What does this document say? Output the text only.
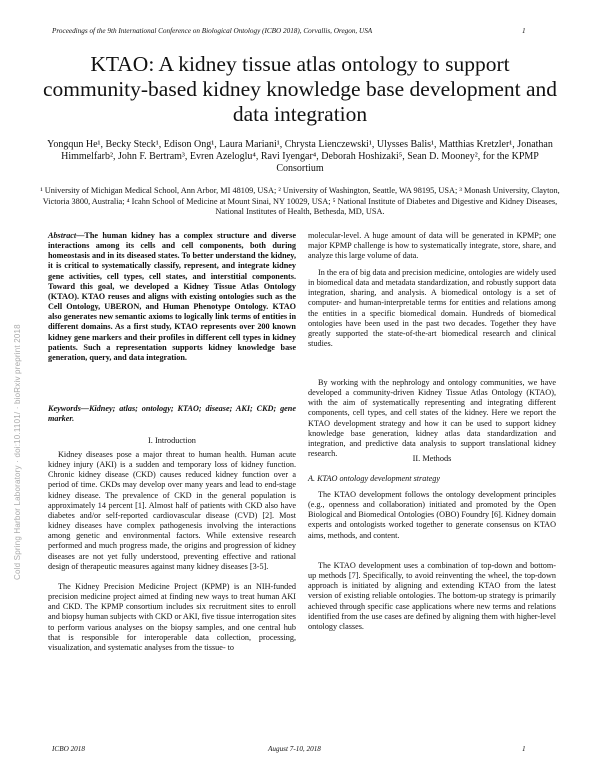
Proceedings of the 9th International Conference on Biological Ontology (ICBO 2018), Corvallis, Oregon, USA	1
KTAO: A kidney tissue atlas ontology to support community-based kidney knowledge base development and data integration
Yongqun He¹, Becky Steck¹, Edison Ong¹, Laura Mariani¹, Chrysta Lienczewski¹, Ulysses Balis¹, Matthias Kretzler¹, Jonathan Himmelfarb², John F. Bertram³, Evren Azeloglu⁴, Ravi Iyengar⁴, Deborah Hoshizaki⁵, Sean D. Mooney², for the KPMP Consortium
¹ University of Michigan Medical School, Ann Arbor, MI 48109, USA; ² University of Washington, Seattle, WA 98195, USA; ³ Monash University, Clayton, Victoria 3800, Australia; ⁴ Icahn School of Medicine at Mount Sinai, NY 10029, USA; ⁵ National Institute of Diabetes and Digestive and Kidney Diseases, National Institutes of Health, Bethesda, MD, USA.
Abstract—The human kidney has a complex structure and diverse interactions among its cells and cell components, both during homeostasis and in its diseased states. To better understand the kidney, it is critical to systematically classify, represent, and integrate kidney gene activities, cell types, cell states, and interstitial components. Toward this goal, we developed a Kidney Tissue Atlas Ontology (KTAO). KTAO reuses and aligns with existing ontologies such as the Cell Ontology, UBERON, and Human Phenotype Ontology. KTAO also generates new semantic axioms to logically link terms of entities in different domains. As a first study, KTAO represents over 200 known kidney gene markers and their profiles in different cell types in kidney patients. Such a representation supports kidney knowledge base generation, query, and data integration.
Keywords—Kidney; atlas; ontology; KTAO; disease; AKI; CKD; gene marker.
I. Introduction
Kidney diseases pose a major threat to human health. Human acute kidney injury (AKI) is a sudden and temporary loss of kidney function. Chronic kidney disease (CKD) causes reduced kidney function over a period of time. CKDs may develop over many years and lead to end-stage kidney disease. The prevalence of CKD in the general population is approximately 14 percent [1]. Almost half of patients with CKD also have diabetes and/or self-reported cardiovascular disease (CVD) [2]. Most kidney diseases have complex pathogenesis involving the interactions among genetic and environmental factors. While extensive research performed and much progress made, the origins and progression of kidney diseases are not yet fully understood, preventing effective and rational design of therapeutic measures against many kidney diseases [3-5].
The Kidney Precision Medicine Project (KPMP) is an NIH-funded precision medicine project aimed at finding new ways to treat human AKI and CKD. The KPMP consortium includes six recruitment sites to enroll and biopsy human subjects with CKD or AKI, five tissue interrogation sites to perform various analyses on the biopsy samples, and one central hub that is responsible for interoperable data collection, processing, visualization, and systematic analyses from the tissue- to
molecular-level. A huge amount of data will be generated in KPMP; one major KPMP challenge is how to systematically integrate, store, share, and analyze this large volume of data.
In the era of big data and precision medicine, ontologies are widely used in biomedical data and metadata standardization, and robustly support data integration, sharing, and analysis. A biomedical ontology is a set of computer- and human-interpretable terms for entities and relations among the entities in a specific biomedical domain. Hundreds of biomedical ontologies have been used in the past two decades. Together they have greatly supported the state-of-the-art biomedical research and clinical studies.
By working with the nephrology and ontology communities, we have developed a community-driven Kidney Tissue Atlas Ontology (KTAO), with the aim of systematically representing and integrating different components, cell types, and cell states of the kidney. Here we report the KTAO development strategy and how it can be used to support kidney knowledge base generation, kidney atlas data standardization and integration, and predictive data analysis to support translational kidney research.
II. Methods
A. KTAO ontology development strategy
The KTAO development follows the ontology development principles (e.g., openness and collaboration) initiated and promoted by the Open Biological and Biomedical Ontologies (OBO) Foundry [6]. Kidney domain experts and ontologists worked together to generate consensus on KTAO aims, methods, and content.
The KTAO development uses a combination of top-down and bottom-up methods [7]. Specifically, to avoid reinventing the wheel, the top-down approach is initiated by aligning and extending KTAO from the latest version of existing reliable ontologies. The bottom-up strategy is primarily achieved through specific case applications where new terms and relations identified from the use cases are defined by aligning them with higher-level ontology classes.
Cold Spring Harbor Laboratory · doi:10.1101/ · bioRxiv preprint 2018
ICBO 2018	August 7-10, 2018	1
